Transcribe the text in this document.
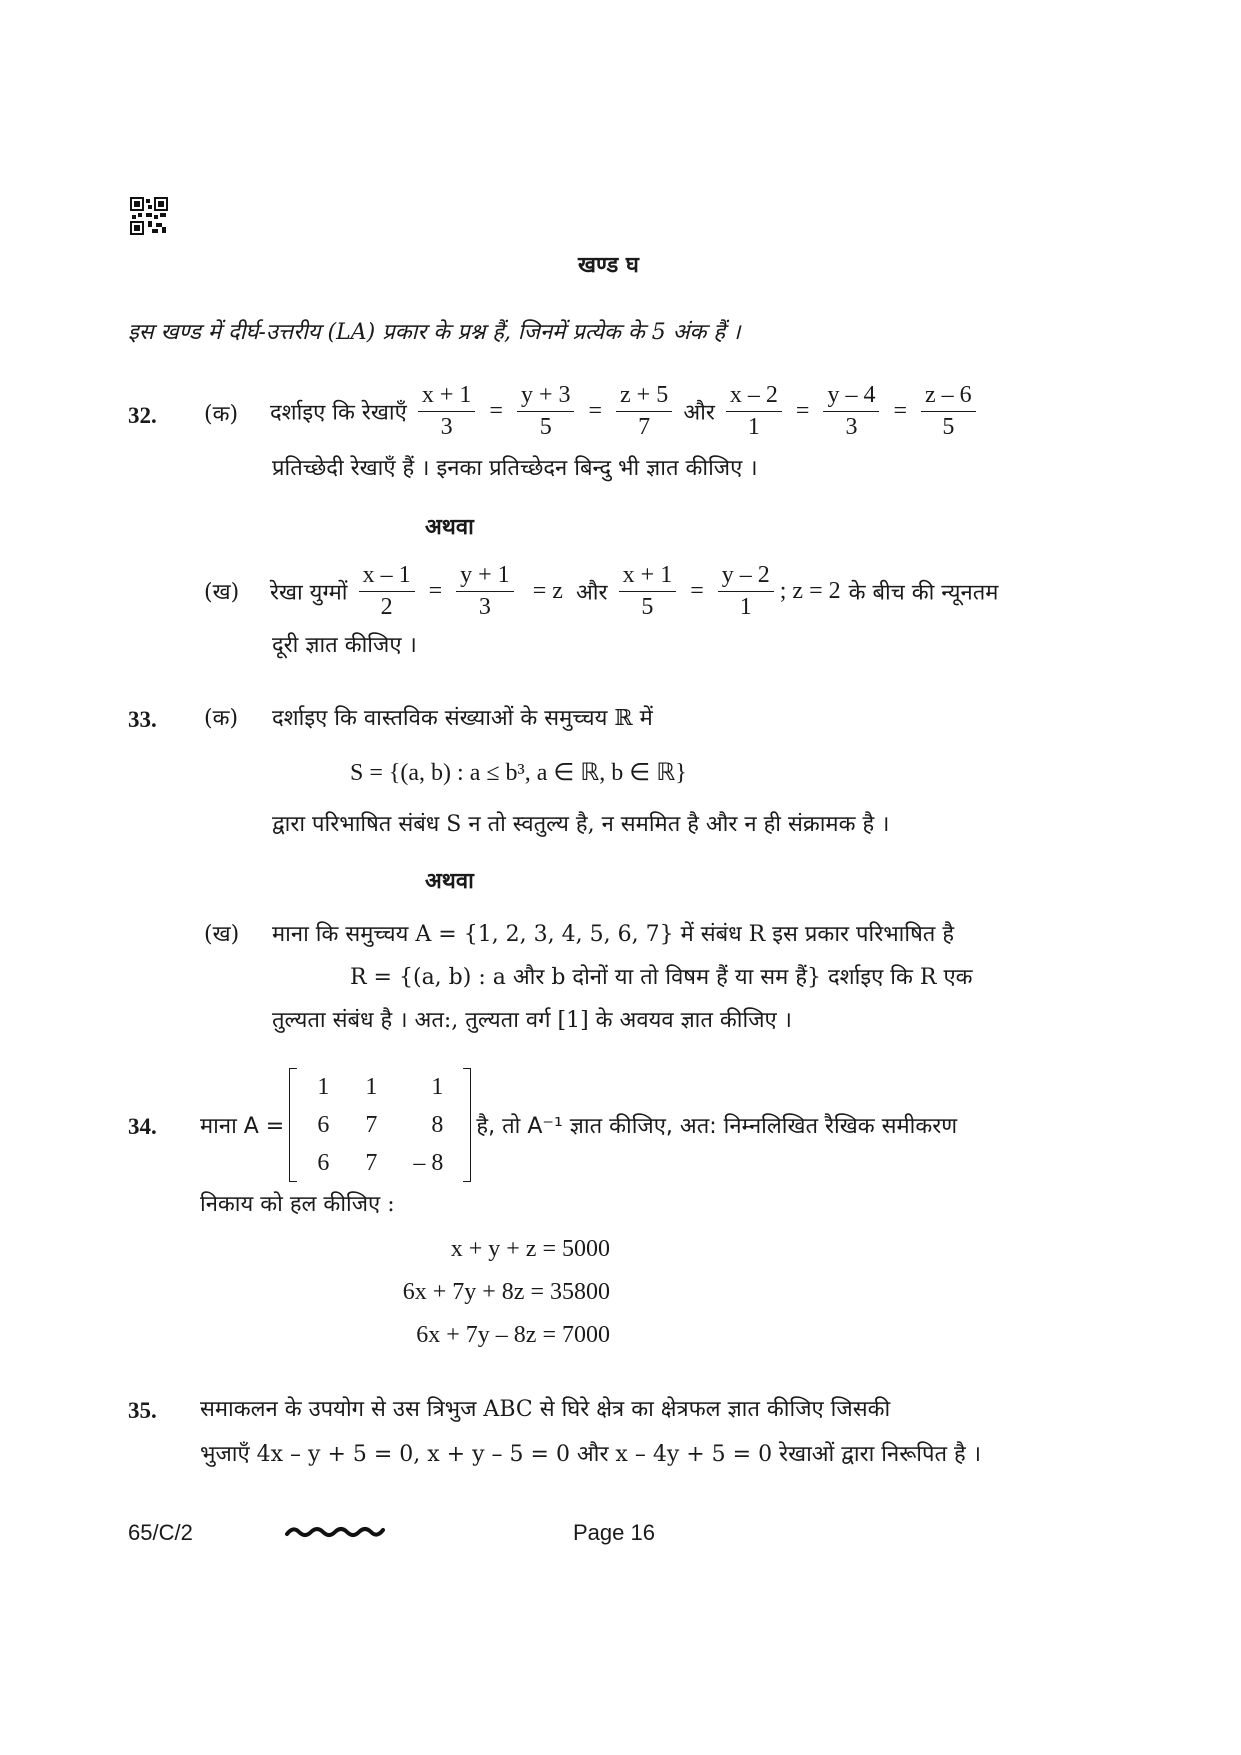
खण्ड घ
इस खण्ड में दीर्घ-उत्तरीय (LA) प्रकार के प्रश्न हैं, जिनमें प्रत्येक के 5 अंक हैं ।
32. (क) दर्शाइए कि रेखाएँ $\frac{x + 1}{3} = \frac{y + 3}{5} = \frac{z + 5}{7}$ और $\frac{x - 2}{1} = \frac{y - 4}{3} = \frac{z - 6}{5}$
प्रतिच्छेदी रेखाएँ हैं । इनका प्रतिच्छेदन बिन्दु भी ज्ञात कीजिए ।
अथवा
(ख) रेखा युग्मों $\frac{x - 1}{2} = \frac{y + 1}{3} = z$ और $\frac{x + 1}{5} = \frac{y - 2}{1}$ ; z = 2 के बीच की न्यूनतम
दूरी ज्ञात कीजिए ।
33. (क) दर्शाइए कि वास्तविक संख्याओं के समुच्चय ℝ में
S = {(a, b) : a ≤ b³, a ∈ ℝ, b ∈ ℝ}
द्वारा परिभाषित संबंध S न तो स्वतुल्य है, न सममित है और न ही संक्रामक है ।
अथवा
(ख) माना कि समुच्चय A = {1, 2, 3, 4, 5, 6, 7} में संबंध R इस प्रकार परिभाषित है
R = {(a, b) : a और b दोनों या तो विषम हैं या सम हैं} दर्शाइए कि R एक
तुल्यता संबंध है । अत:, तुल्यता वर्ग [1] के अवयव ज्ञात कीजिए ।
34. माना A =
1	1	1
6	7	8
6	7	– 8
है, तो A⁻¹ ज्ञात कीजिए, अत: निम्नलिखित रैखिक समीकरण
निकाय को हल कीजिए :
x + y + z = 5000
6x + 7y + 8z = 35800
6x + 7y – 8z = 7000
35. समाकलन के उपयोग से उस त्रिभुज ABC से घिरे क्षेत्र का क्षेत्रफल ज्ञात कीजिए जिसकी
भुजाएँ 4x – y + 5 = 0, x + y – 5 = 0 और x – 4y + 5 = 0 रेखाओं द्वारा निरूपित है ।
65/C/2	Page 16
